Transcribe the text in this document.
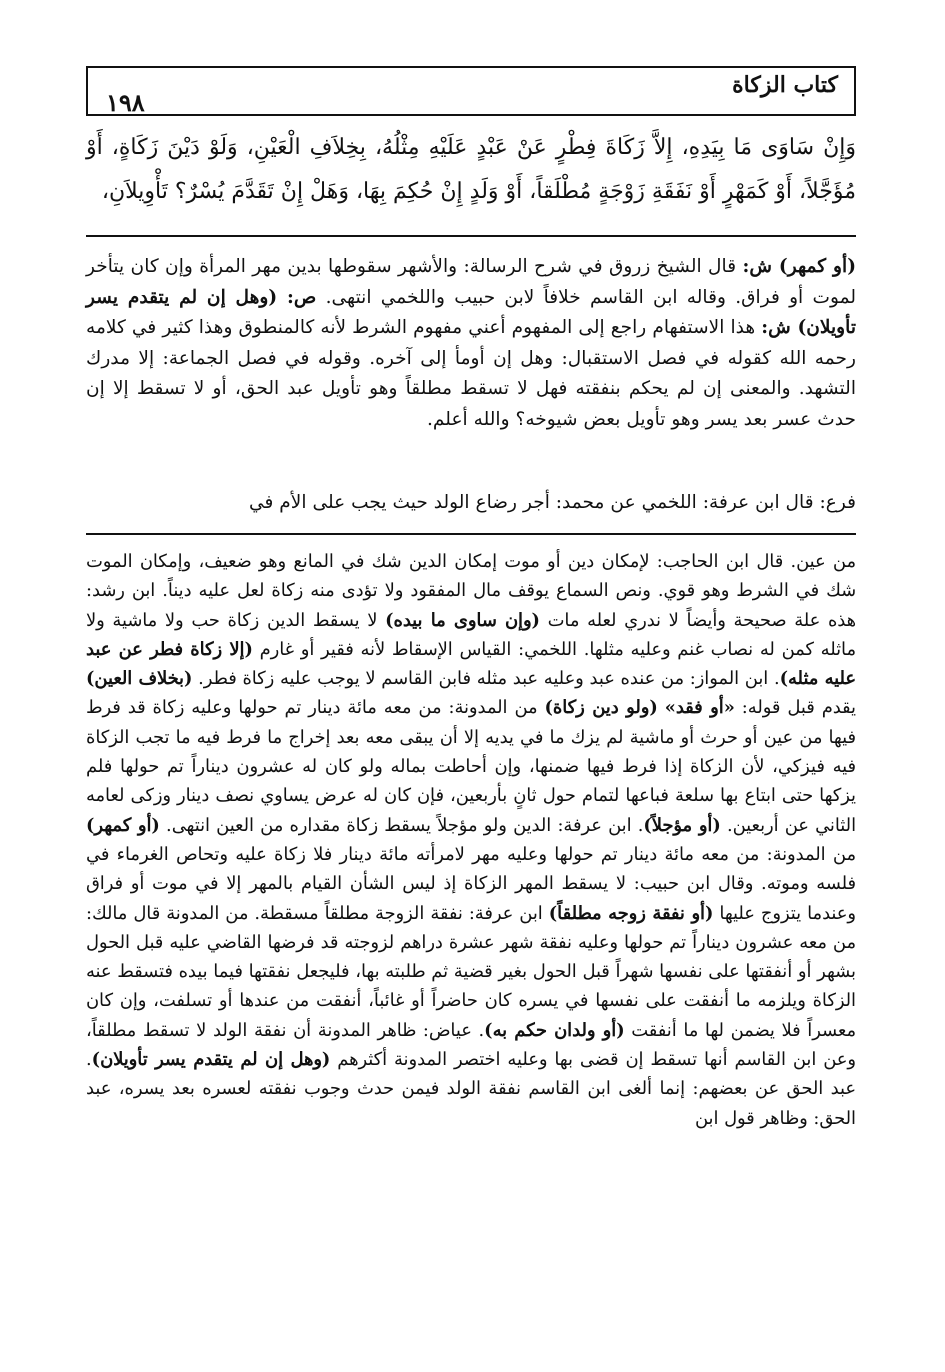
كتاب الزكاة
١٩٨

وَإِنْ سَاوَى مَا بِيَدِهِ، إِلاَّ زَكَاةَ فِطْرٍ عَنْ عَبْدٍ عَلَيْهِ مِثْلُهُ، بِخِلاَفِ الْعَيْنِ، وَلَوْ دَيْنَ زَكَاةٍ، أَوْ مُؤَجَّلاً، أَوْ كَمَهْرٍ أَوْ نَفَقَةِ زَوْجَةٍ مُطْلَقاً، أَوْ وَلَدٍ إِنْ حُكِمَ بِهَا، وَهَلْ إِنْ تَقَدَّمَ يُسْرٌ؟ تَأْوِيلاَنِ،

(أو كمهر) ش: قال الشيخ زروق في شرح الرسالة: والأشهر سقوطها بدين مهر المرأة وإن كان يتأخر لموت أو فراق. وقاله ابن القاسم خلافاً لابن حبيب واللخمي انتهى. ص: (وهل إن لم يتقدم يسر تأويلان) ش: هذا الاستفهام راجع إلى المفهوم أعني مفهوم الشرط لأنه كالمنطوق وهذا كثير في كلامه رحمه الله كقوله في فصل الاستقبال: وهل إن أومأ إلى آخره. وقوله في فصل الجماعة: إلا مدرك التشهد. والمعنى إن لم يحكم بنفقته فهل لا تسقط مطلقاً وهو تأويل عبد الحق، أو لا تسقط إلا إن حدث عسر بعد يسر وهو تأويل بعض شيوخه؟ والله أعلم.

فرع: قال ابن عرفة: اللخمي عن محمد: أجر رضاع الولد حيث يجب على الأم في

من عين. قال ابن الحاجب: لإمكان دين أو موت إمكان الدين شك في المانع وهو ضعيف، وإمكان الموت شك في الشرط وهو قوي. ونص السماع يوقف مال المفقود ولا تؤدى منه زكاة لعل عليه ديناً. ابن رشد: هذه علة صحيحة وأيضاً لا ندري لعله مات (وإن ساوى ما بيده) لا يسقط الدين زكاة حب ولا ماشية ولا ماثله كمن له نصاب غنم وعليه مثلها. اللخمي: القياس الإسقاط لأنه فقير أو غارم (إلا زكاة فطر عن عبد عليه مثله). ابن المواز: من عنده عبد وعليه عبد مثله فابن القاسم لا يوجب عليه زكاة فطر. (بخلاف العين) يقدم قبل قوله: «أو فقد» (ولو دين زكاة) من المدونة: من معه مائة دينار تم حولها وعليه زكاة قد فرط فيها من عين أو حرث أو ماشية لم يزك ما في يديه إلا أن يبقى معه بعد إخراج ما فرط فيه ما تجب الزكاة فيه فيزكي، لأن الزكاة إذا فرط فيها ضمنها، وإن أحاطت بماله ولو كان له عشرون ديناراً تم حولها فلم يزكها حتى ابتاع بها سلعة فباعها لتمام حول ثانٍ بأربعين، فإن كان له عرض يساوي نصف دينار وزكى لعامه الثاني عن أربعين. (أو مؤجلاً). ابن عرفة: الدين ولو مؤجلاً يسقط زكاة مقداره من العين انتهى. (أو كمهر) من المدونة: من معه مائة دينار تم حولها وعليه مهر لامرأته مائة دينار فلا زكاة عليه وتحاص الغرماء في فلسه وموته. وقال ابن حبيب: لا يسقط المهر الزكاة إذ ليس الشأن القيام بالمهر إلا في موت أو فراق وعندما يتزوج عليها (أو نفقة زوجه مطلقاً) ابن عرفة: نفقة الزوجة مطلقاً مسقطة. من المدونة قال مالك: من معه عشرون ديناراً تم حولها وعليه نفقة شهر عشرة دراهم لزوجته قد فرضها القاضي عليه قبل الحول بشهر أو أنفقتها على نفسها شهراً قبل الحول بغير قضية ثم طلبته بها، فليجعل نفقتها فيما بيده فتسقط عنه الزكاة ويلزمه ما أنفقت على نفسها في يسره كان حاضراً أو غائباً، أنفقت من عندها أو تسلفت، وإن كان معسراً فلا يضمن لها ما أنفقت (أو ولدان حكم به). عياض: ظاهر المدونة أن نفقة الولد لا تسقط مطلقاً، وعن ابن القاسم أنها تسقط إن قضى بها وعليه اختصر المدونة أكثرهم (وهل إن لم يتقدم يسر تأويلان). عبد الحق عن بعضهم: إنما ألغى ابن القاسم نفقة الولد فيمن حدث وجوب نفقته لعسره بعد يسره، عبد الحق: وظاهر قول ابن
